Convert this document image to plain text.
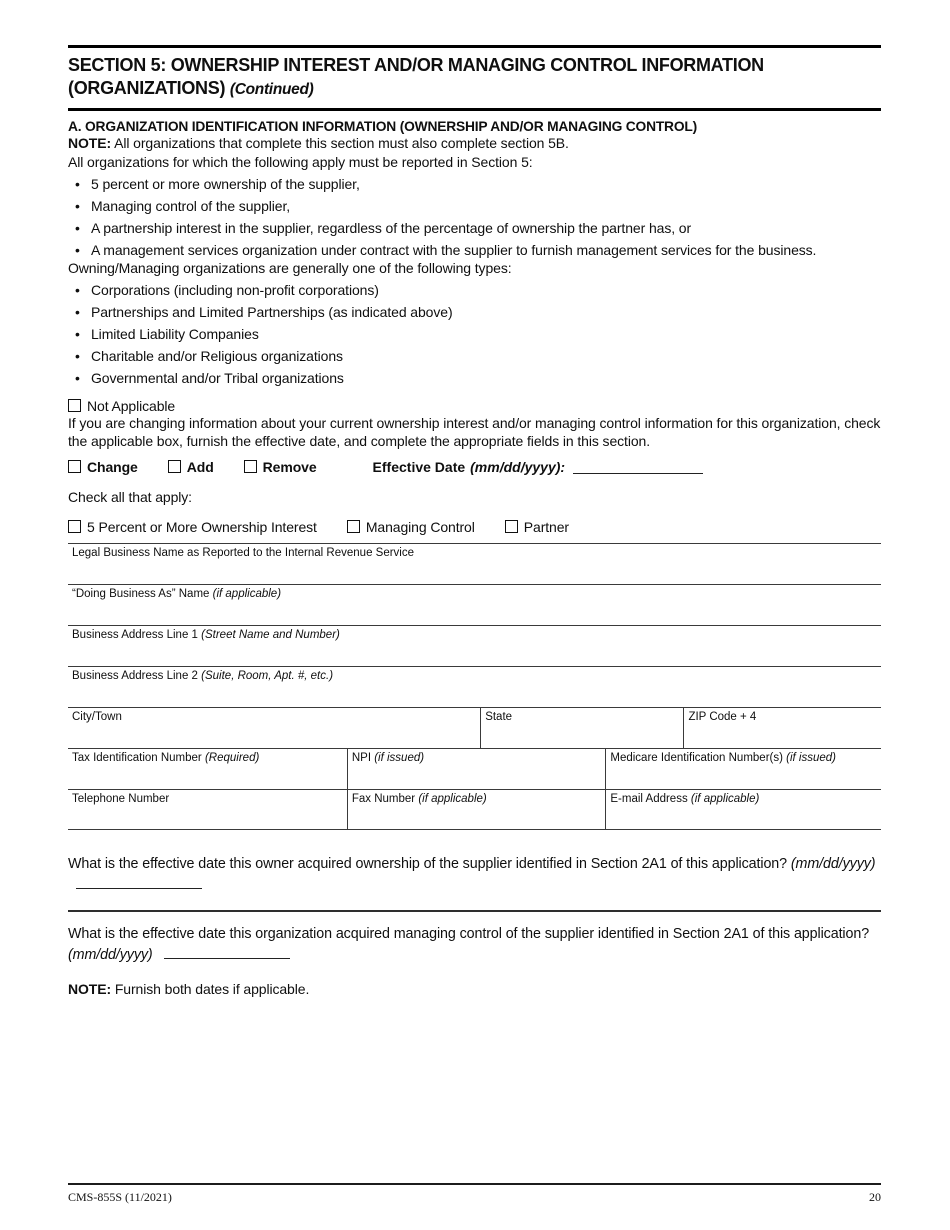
SECTION 5: OWNERSHIP INTEREST AND/OR MANAGING CONTROL INFORMATION
(ORGANIZATIONS) (Continued)
A. ORGANIZATION IDENTIFICATION INFORMATION (OWNERSHIP AND/OR MANAGING CONTROL)

NOTE: All organizations that complete this section must also complete section 5B.

All organizations for which the following apply must be reported in Section 5:

• 5 percent or more ownership of the supplier,
• Managing control of the supplier,
• A partnership interest in the supplier, regardless of the percentage of ownership the partner has, or
• A management services organization under contract with the supplier to furnish management services for the business.

Owning/Managing organizations are generally one of the following types:

• Corporations (including non-profit corporations)
• Partnerships and Limited Partnerships (as indicated above)
• Limited Liability Companies
• Charitable and/or Religious organizations
• Governmental and/or Tribal organizations
Not Applicable

If you are changing information about your current ownership interest and/or managing control information for this organization, check the applicable box, furnish the effective date, and complete the appropriate fields in this section.

Change	Add	Remove	Effective Date (mm/dd/yyyy):

Check all that apply:

5 Percent or More Ownership Interest	Managing Control	Partner
Legal Business Name as Reported to the Internal Revenue Service
“Doing Business As” Name (if applicable)
Business Address Line 1 (Street Name and Number)
Business Address Line 2 (Suite, Room, Apt. #, etc.)
City/Town	State	ZIP Code + 4
Tax Identification Number (Required)	NPI (if issued)	Medicare Identification Number(s) (if issued)
Telephone Number	Fax Number (if applicable)	E-mail Address (if applicable)

What is the effective date this owner acquired ownership of the supplier identified in Section 2A1 of this application? (mm/dd/yyyy)

What is the effective date this organization acquired managing control of the supplier identified in Section 2A1 of this application? (mm/dd/yyyy)

NOTE: Furnish both dates if applicable.

CMS-855S (11/2021)	20
